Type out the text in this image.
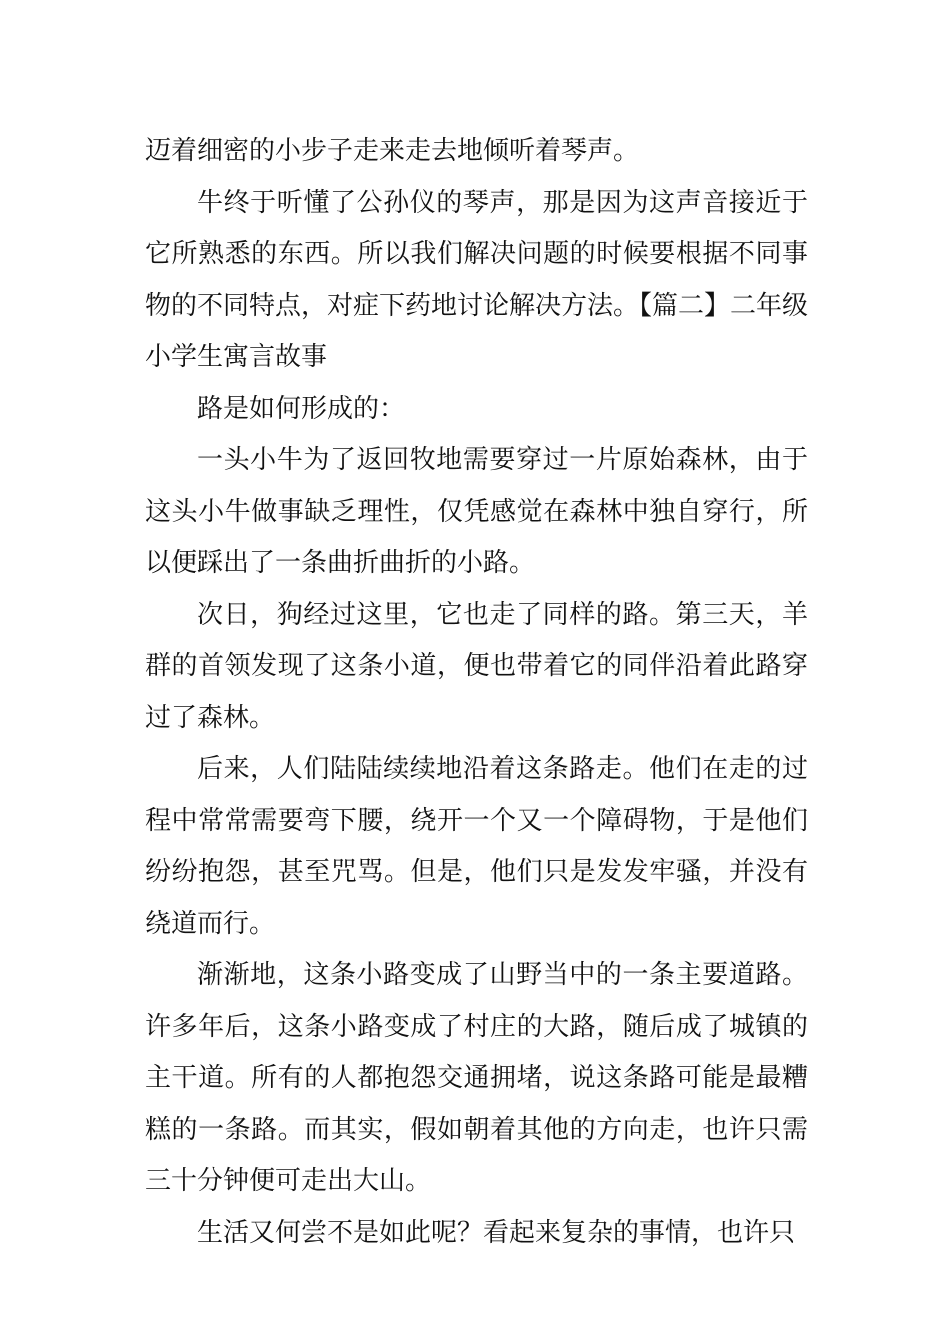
迈着细密的小步子走来走去地倾听着琴声。

牛终于听懂了公孙仪的琴声，那是因为这声音接近于它所熟悉的东西。所以我们解决问题的时候要根据不同事物的不同特点，对症下药地讨论解决方法。【篇二】二年级小学生寓言故事

路是如何形成的：

一头小牛为了返回牧地需要穿过一片原始森林，由于这头小牛做事缺乏理性，仅凭感觉在森林中独自穿行，所以便踩出了一条曲折曲折的小路。

次日，狗经过这里，它也走了同样的路。第三天，羊群的首领发现了这条小道，便也带着它的同伴沿着此路穿过了森林。

后来，人们陆陆续续地沿着这条路走。他们在走的过程中常常需要弯下腰，绕开一个又一个障碍物，于是他们纷纷抱怨，甚至咒骂。但是，他们只是发发牢骚，并没有绕道而行。

渐渐地，这条小路变成了山野当中的一条主要道路。许多年后，这条小路变成了村庄的大路，随后成了城镇的主干道。所有的人都抱怨交通拥堵，说这条路可能是最糟糕的一条路。而其实，假如朝着其他的方向走，也许只需三十分钟便可走出大山。

生活又何尝不是如此呢？看起来复杂的事情，也许只
